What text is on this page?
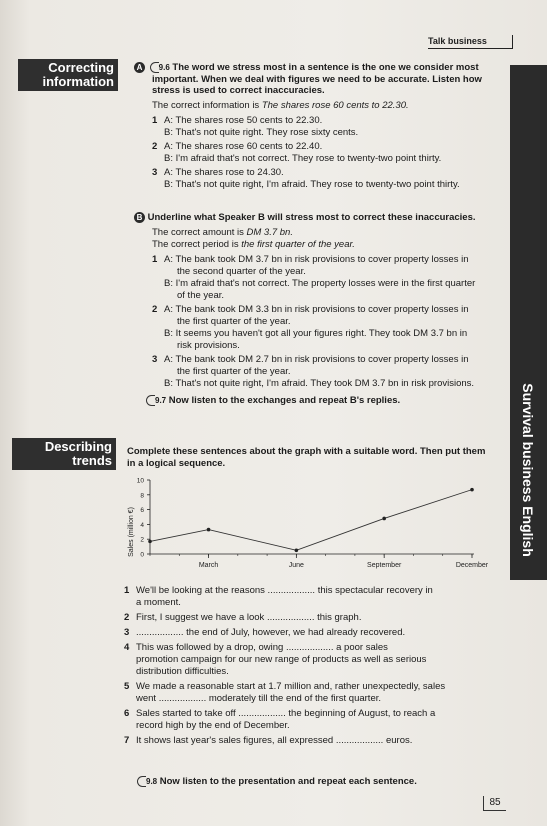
Talk business
Survival business English
Correcting
information
A 9.6 The word we stress most in a sentence is the one we consider most
important. When we deal with figures we need to be accurate. Listen how
stress is used to correct inaccuracies.
The correct information is The shares rose 60 cents to 22.30.
1 A: The shares rose 50 cents to 22.30.
B: That's not quite right. They rose sixty cents.
2 A: The shares rose 60 cents to 22.40.
B: I'm afraid that's not correct. They rose to twenty-two point thirty.
3 A: The shares rose to 24.30.
B: That's not quite right, I'm afraid. They rose to twenty-two point thirty.
B Underline what Speaker B will stress most to correct these inaccuracies.
The correct amount is DM 3.7 bn.
The correct period is the first quarter of the year.
1 A: The bank took DM 3.7 bn in risk provisions to cover property losses in
the second quarter of the year.
B: I'm afraid that's not correct. The property losses were in the first quarter
of the year.
2 A: The bank took DM 3.3 bn in risk provisions to cover property losses in
the first quarter of the year.
B: It seems you haven't got all your figures right. They took DM 3.7 bn in
risk provisions.
3 A: The bank took DM 2.7 bn in risk provisions to cover property losses in
the first quarter of the year.
B: That's not quite right, I'm afraid. They took DM 3.7 bn in risk provisions.
9.7 Now listen to the exchanges and repeat B's replies.
Describing
trends
Complete these sentences about the graph with a suitable word. Then put them
in a logical sequence.
Sales (million €) 0
2
4
6
8
10
March	June	September	December
1 We'll be looking at the reasons .................. this spectacular recovery in
a moment.
2 First, I suggest we have a look .................. this graph.
3 .................. the end of July, however, we had already recovered.
4 This was followed by a drop, owing .................. a poor sales
promotion campaign for our new range of products as well as serious
distribution difficulties.
5 We made a reasonable start at 1.7 million and, rather unexpectedly, sales
went .................. moderately till the end of the first quarter.
6 Sales started to take off .................. the beginning of August, to reach a
record high by the end of December.
7 It shows last year's sales figures, all expressed .................. euros.
9.8 Now listen to the presentation and repeat each sentence.
85
